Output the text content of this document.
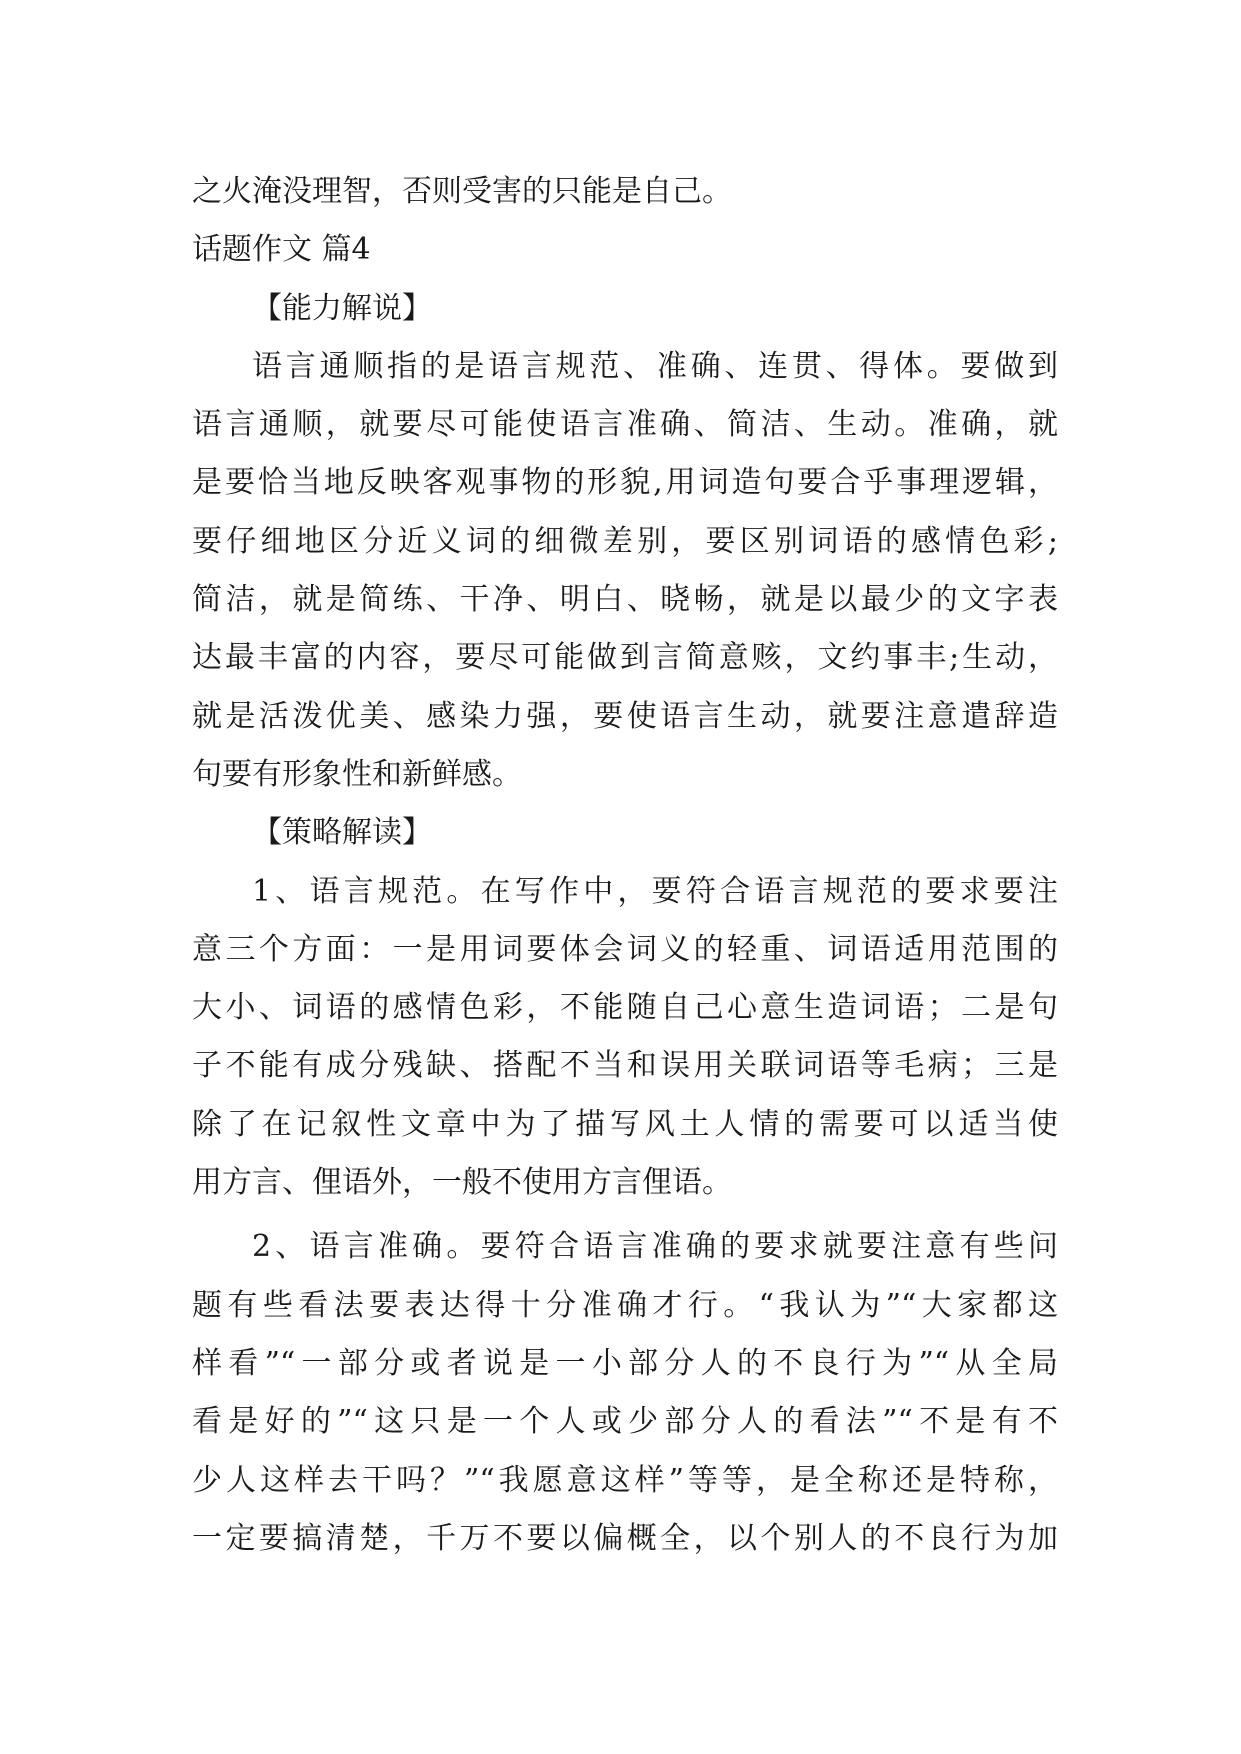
之火淹没理智，否则受害的只能是自己。

话题作文 篇4

【能力解说】

语言通顺指的是语言规范、准确、连贯、得体。要做到

语言通顺，就要尽可能使语言准确、简洁、生动。准确，就

是要恰当地反映客观事物的形貌,用词造句要合乎事理逻辑，

要仔细地区分近义词的细微差别，要区别词语的感情色彩;

简洁，就是简练、干净、明白、晓畅，就是以最少的文字表

达最丰富的内容，要尽可能做到言简意赅，文约事丰;生动，

就是活泼优美、感染力强，要使语言生动，就要注意遣辞造

句要有形象性和新鲜感。

【策略解读】

1、语言规范。在写作中，要符合语言规范的要求要注

意三个方面：一是用词要体会词义的轻重、词语适用范围的

大小、词语的感情色彩，不能随自己心意生造词语；二是句

子不能有成分残缺、搭配不当和误用关联词语等毛病；三是

除了在记叙性文章中为了描写风土人情的需要可以适当使

用方言、俚语外，一般不使用方言俚语。

2、语言准确。要符合语言准确的要求就要注意有些问

题有些看法要表达得十分准确才行。“我认为”“大家都这

样看”“一部分或者说是一小部分人的不良行为”“从全局

看是好的”“这只是一个人或少部分人的看法”“不是有不

少人这样去干吗？”“我愿意这样”等等，是全称还是特称，

一定要搞清楚，千万不要以偏概全，以个别人的不良行为加
